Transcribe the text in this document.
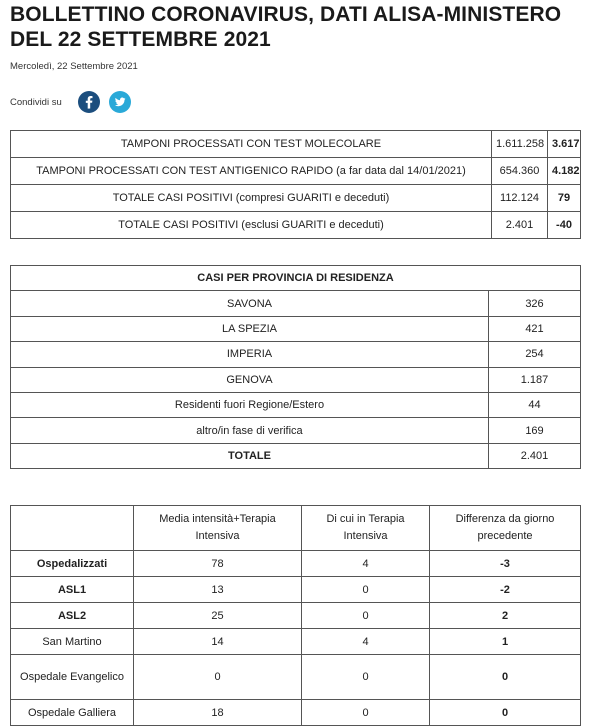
BOLLETTINO CORONAVIRUS, DATI ALISA-MINISTERO DEL 22 SETTEMBRE 2021
Mercoledì, 22 Settembre 2021
Condividi su
TAMPONI PROCESSATI CON TEST MOLECOLARE	1.611.258	3.617
TAMPONI PROCESSATI CON TEST ANTIGENICO RAPIDO (a far data dal 14/01/2021)	654.360	4.182
TOTALE CASI POSITIVI (compresi GUARITI e deceduti)	112.124	79
TOTALE CASI POSITIVI (esclusi GUARITI e deceduti)	2.401	-40
CASI PER PROVINCIA DI RESIDENZA	
SAVONA	326
LA SPEZIA	421
IMPERIA	254
GENOVA	1.187
Residenti fuori Regione/Estero	44
altro/in fase di verifica	169
TOTALE	2.401
	Media intensità+Terapia Intensiva	Di cui in Terapia Intensiva	Differenza da giorno precedente
Ospedalizzati	78	4	-3
ASL1	13	0	-2
ASL2	25	0	2
San Martino	14	4	1
Ospedale Evangelico	0	0	0
Ospedale Galliera	18	0	0
